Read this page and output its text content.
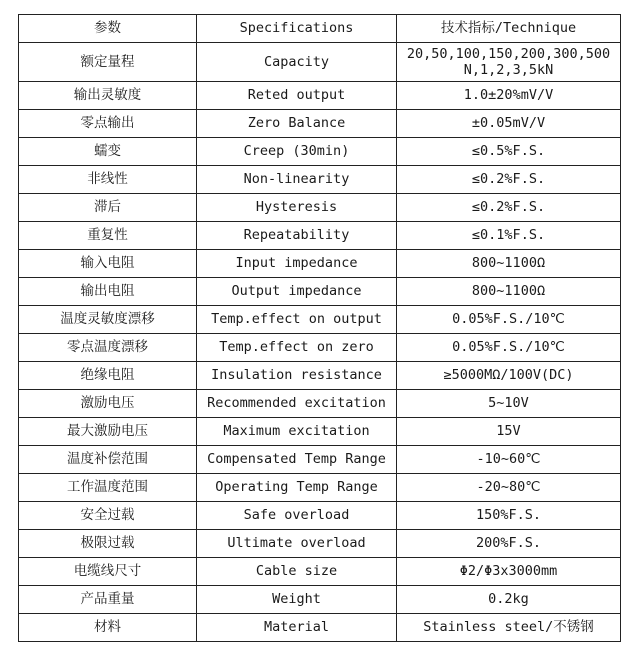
参数	Specifications	技术指标/Technique
额定量程	Capacity	20,50,100,150,200,300,500N,1,2,3,5kN
输出灵敏度	Reted output	1.0±20%mV/V
零点输出	Zero Balance	±0.05mV/V
蠕变	Creep (30min)	≤0.5%F.S.
非线性	Non-linearity	≤0.2%F.S.
滞后	Hysteresis	≤0.2%F.S.
重复性	Repeatability	≤0.1%F.S.
输入电阻	Input impedance	800~1100Ω
输出电阻	Output impedance	800~1100Ω
温度灵敏度漂移	Temp.effect on output	0.05%F.S./10℃
零点温度漂移	Temp.effect on zero	0.05%F.S./10℃
绝缘电阻	Insulation resistance	≥5000MΩ/100V(DC)
激励电压	Recommended excitation	5~10V
最大激励电压	Maximum excitation	15V
温度补偿范围	Compensated Temp Range	-10~60℃
工作温度范围	Operating Temp Range	-20~80℃
安全过载	Safe overload	150%F.S.
极限过载	Ultimate overload	200%F.S.
电缆线尺寸	Cable size	Φ2/Φ3x3000mm
产品重量	Weight	0.2kg
材料	Material	Stainless steel/不锈钢
